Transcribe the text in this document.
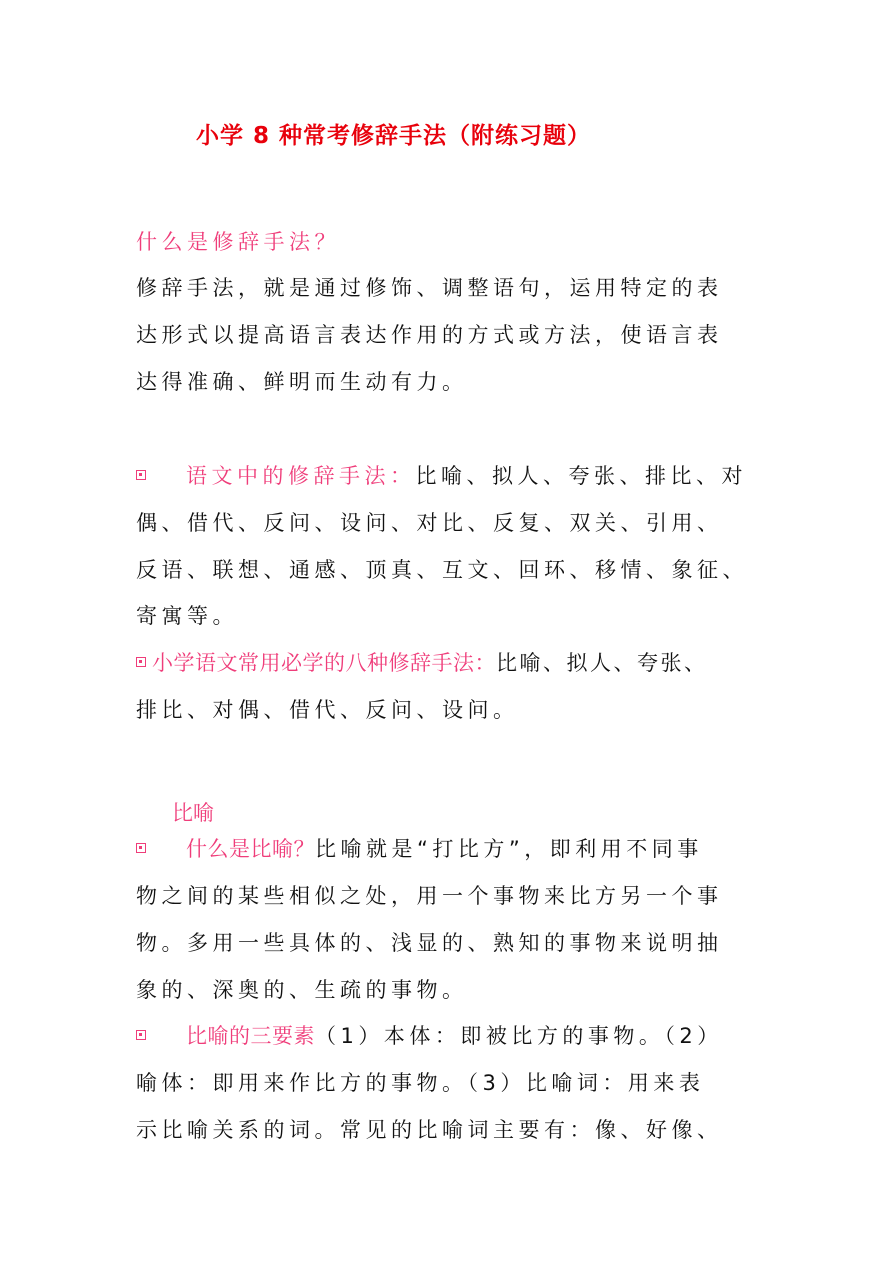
小学 8 种常考修辞手法（附练习题）
什么是修辞手法？
修辞手法，就是通过修饰、调整语句，运用特定的表
达形式以提高语言表达作用的方式或方法，使语言表
达得准确、鲜明而生动有力。
语文中的修辞手法：比喻、拟人、夸张、排比、对
偶、借代、反问、设问、对比、反复、双关、引用、
反语、联想、通感、顶真、互文、回环、移情、象征、
寄寓等。
小学语文常用必学的八种修辞手法：比喻、拟人、夸张、
排比、对偶、借代、反问、设问。
比喻
什么是比喻？比喻就是“打比方”，即利用不同事
物之间的某些相似之处，用一个事物来比方另一个事
物。多用一些具体的、浅显的、熟知的事物来说明抽
象的、深奥的、生疏的事物。
比喻的三要素（1）本体：即被比方的事物。（2）
喻体：即用来作比方的事物。（3）比喻词：用来表
示比喻关系的词。常见的比喻词主要有：像、好像、
